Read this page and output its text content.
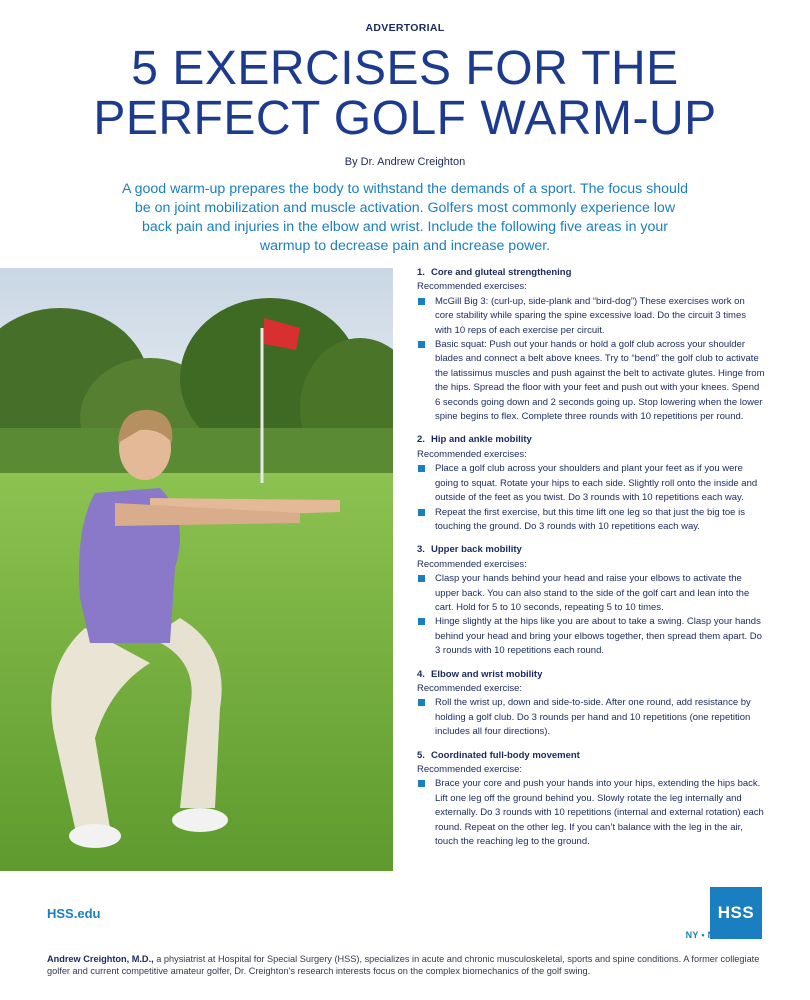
ADVERTORIAL
5 EXERCISES FOR THE
PERFECT GOLF WARM-UP
By Dr. Andrew Creighton

A good warm-up prepares the body to withstand the demands of a sport. The focus should be on joint mobilization and muscle activation. Golfers most commonly experience low back pain and injuries in the elbow and wrist. Include the following five areas in your warmup to decrease pain and increase power.

1. Core and gluteal strengthening
Recommended exercises:
McGill Big 3: (curl-up, side-plank and “bird-dog”) These exercises work on core stability while sparing the spine excessive load. Do the circuit 3 times with 10 reps of each exercise per circuit.
Basic squat: Push out your hands or hold a golf club across your shoulder blades and connect a belt above knees. Try to “bend” the golf club to activate the latissimus muscles and push against the belt to activate glutes. Hinge from the hips. Spread the floor with your feet and push out with your knees. Spend 6 seconds going down and 2 seconds going up. Stop lowering when the lower spine begins to flex. Complete three rounds with 10 repetitions per round.
2. Hip and ankle mobility
Recommended exercises:
Place a golf club across your shoulders and plant your feet as if you were going to squat. Rotate your hips to each side. Slightly roll onto the inside and outside of the feet as you twist. Do 3 rounds with 10 repetitions each way.
Repeat the first exercise, but this time lift one leg so that just the big toe is touching the ground. Do 3 rounds with 10 repetitions each way.
3. Upper back mobility
Recommended exercises:
Clasp your hands behind your head and raise your elbows to activate the upper back. You can also stand to the side of the golf cart and lean into the cart. Hold for 5 to 10 seconds, repeating 5 to 10 times.
Hinge slightly at the hips like you are about to take a swing. Clasp your hands behind your head and bring your elbows together, then spread them apart. Do 3 rounds with 10 repetitions each round.
4. Elbow and wrist mobility
Recommended exercise:
Roll the wrist up, down and side-to-side. After one round, add resistance by holding a golf club. Do 3 rounds per hand and 10 repetitions (one repetition includes all four directions).
5. Coordinated full-body movement
Recommended exercise:
Brace your core and push your hands into your hips, extending the hips back. Lift one leg off the ground behind you. Slowly rotate the leg internally and externally. Do 3 rounds with 10 repetitions (internal and external rotation) each round. Repeat on the other leg. If you can’t balance with the leg in the air, touch the reaching leg to the ground.
HSS.edu	HSS
NY • NJ • CT • FL

Andrew Creighton, M.D., a physiatrist at Hospital for Special Surgery (HSS), specializes in acute and chronic musculoskeletal, sports and spine conditions. A former collegiate golfer and current competitive amateur golfer, Dr. Creighton’s research interests focus on the complex biomechanics of the golf swing.
